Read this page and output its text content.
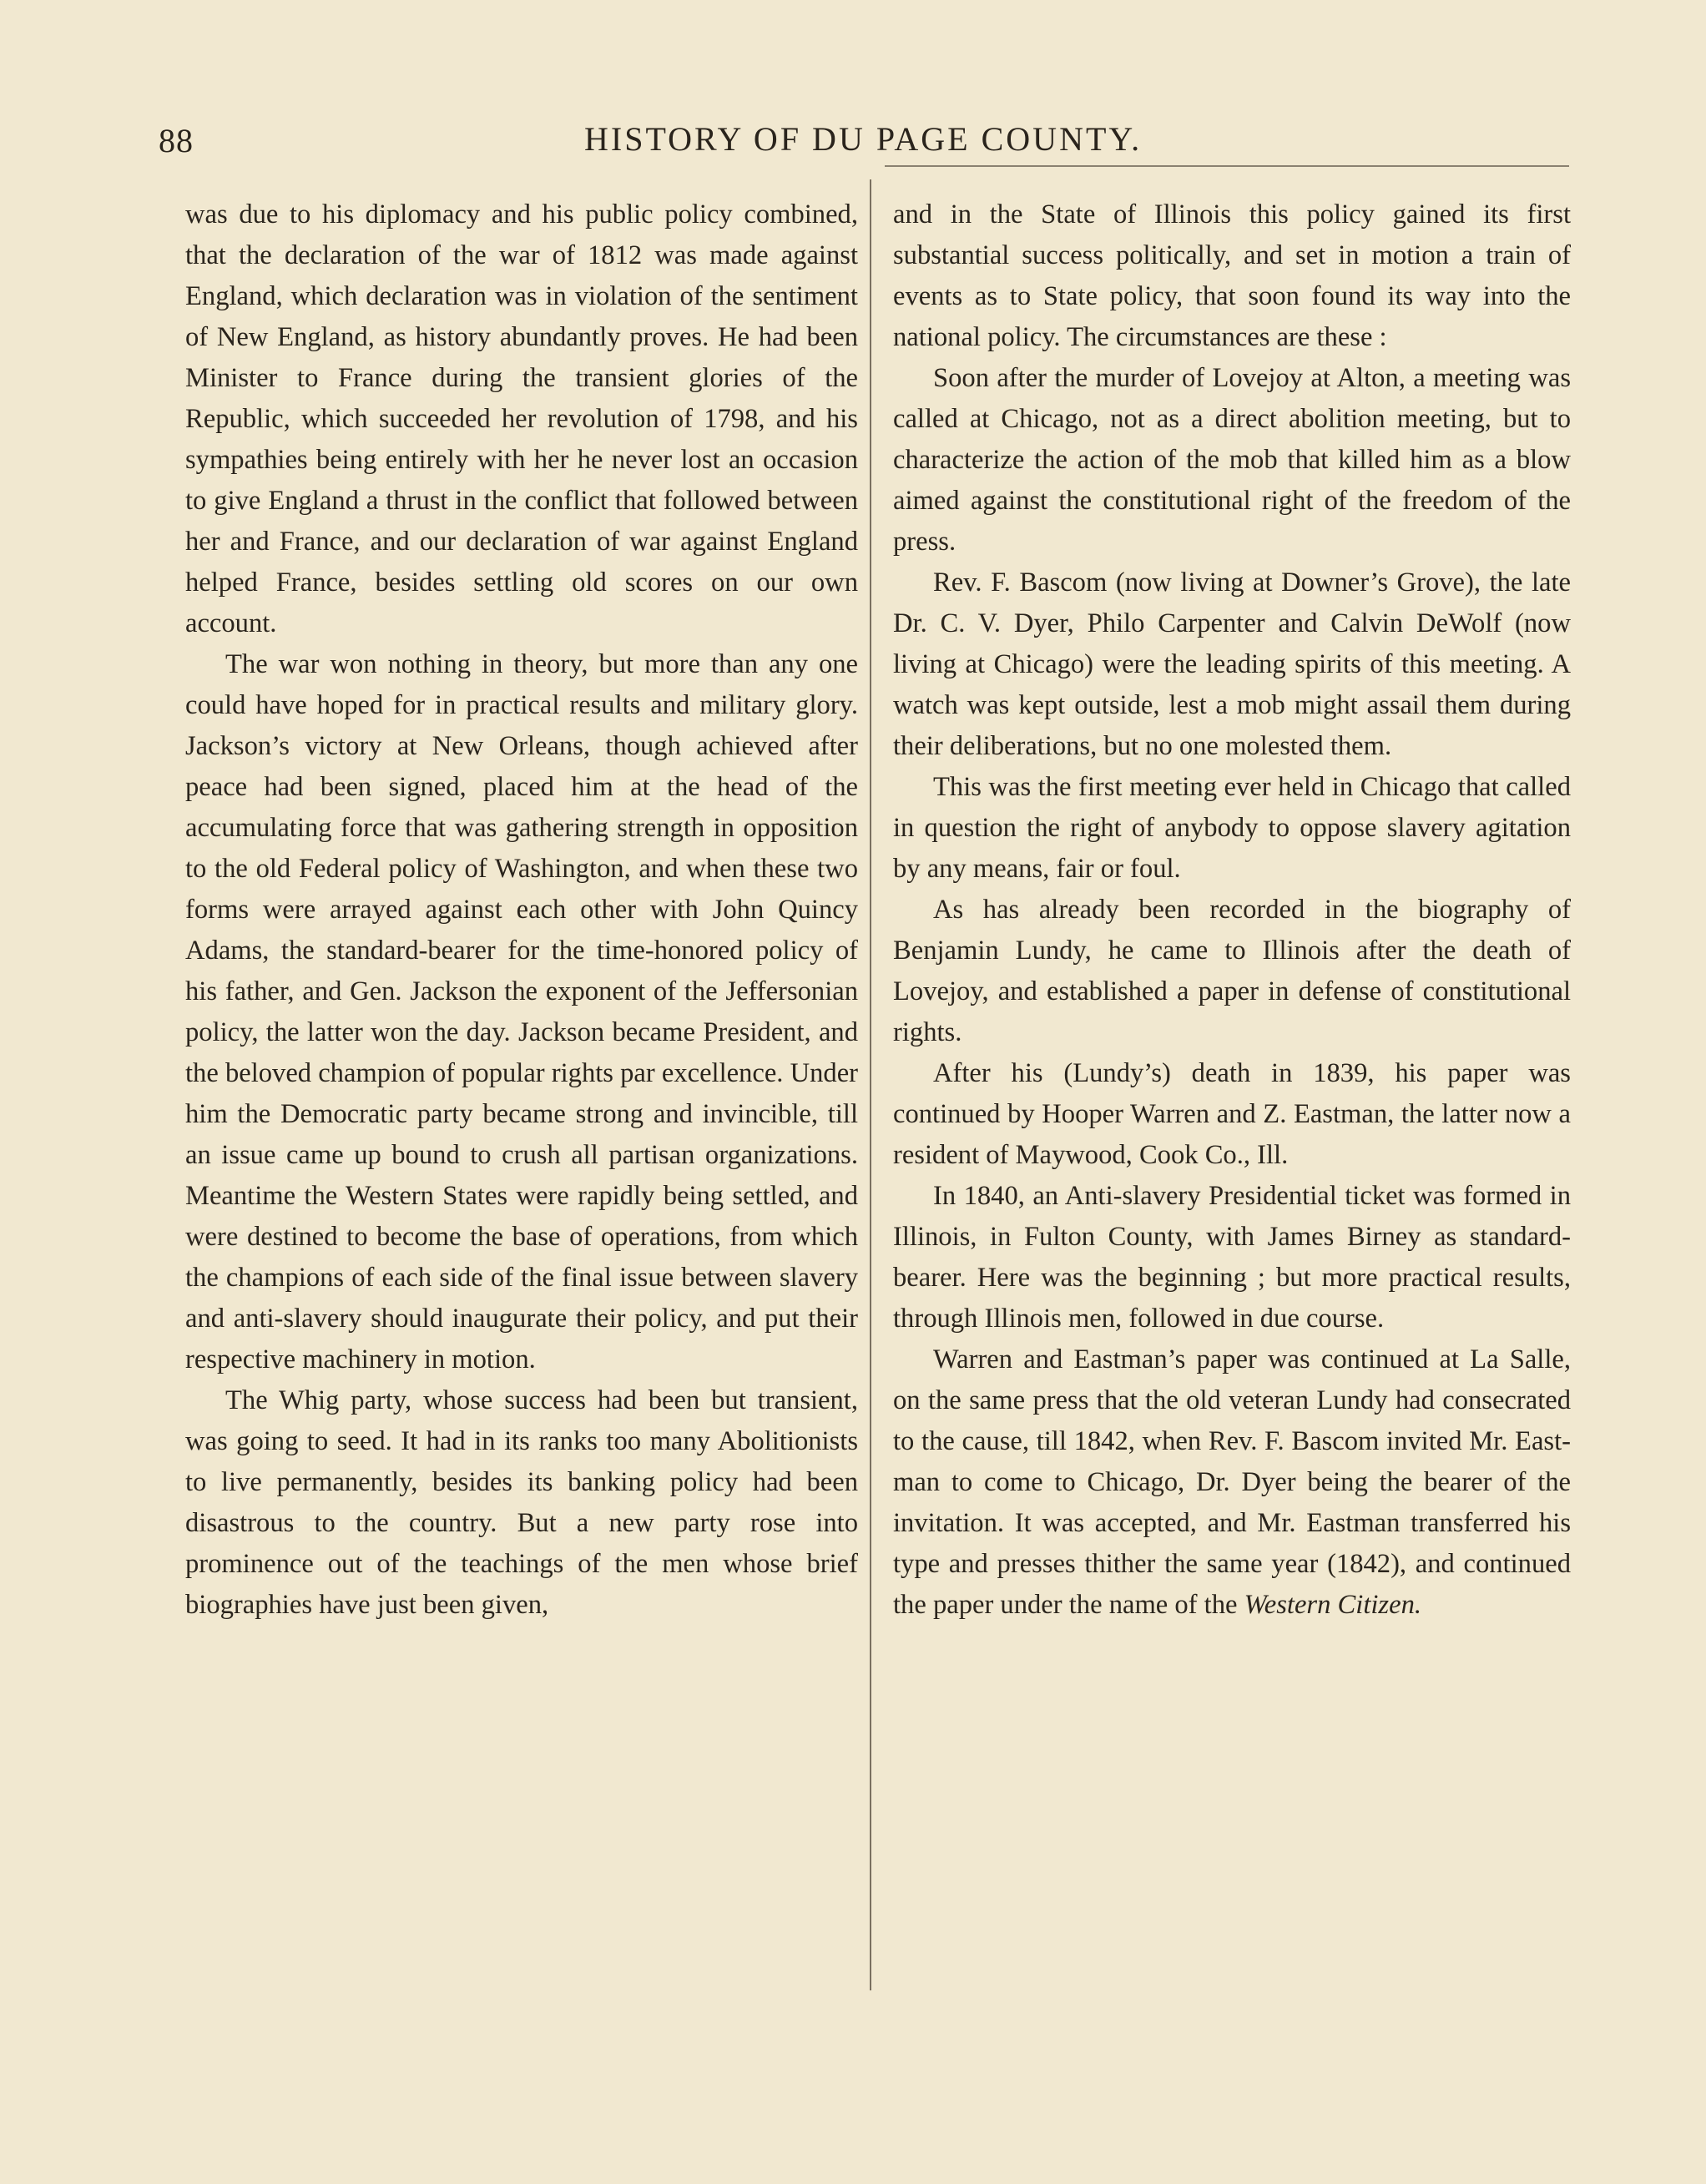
88	HISTORY OF DU PAGE COUNTY.

was due to his diplomacy and his public policy combined, that the declaration of the war of 1812 was made against England, which declaration was in violation of the sentiment of New England, as history abundantly proves. He had been Minister to France during the transient glories of the Republic, which succeeded her revolution of 1798, and his sympathies being entirely with her he never lost an occasion to give England a thrust in the conflict that followed between her and France, and our declaration of war against England helped France, besides settling old scores on our own account.

The war won nothing in theory, but more than any one could have hoped for in practical results and military glory. Jackson’s victory at New Orleans, though achieved after peace had been signed, placed him at the head of the accumulating force that was gathering strength in opposition to the old Federal policy of Washington, and when these two forms were arrayed against each other with John Quincy Adams, the standard-bearer for the time-honored policy of his father, and Gen. Jackson the exponent of the Jeffersonian policy, the latter won the day. Jackson became President, and the beloved champion of popular rights par excellence. Under him the Democratic party became strong and invincible, till an issue came up bound to crush all partisan organizations. Meantime the Western States were rapidly being settled, and were destined to become the base of operations, from which the champions of each side of the final issue between slavery and anti-slavery should inaugurate their policy, and put their respective machinery in motion.

The Whig party, whose success had been but transient, was going to seed. It had in its ranks too many Abolitionists to live permanently, besides its banking policy had been disastrous to the country. But a new party rose into prominence out of the teachings of the men whose brief biographies have just been given,

and in the State of Illinois this policy gained its first substantial success politically, and set in motion a train of events as to State policy, that soon found its way into the national policy. The circumstances are these :

Soon after the murder of Lovejoy at Alton, a meeting was called at Chicago, not as a direct abolition meeting, but to characterize the action of the mob that killed him as a blow aimed against the constitutional right of the freedom of the press.

Rev. F. Bascom (now living at Downer’s Grove), the late Dr. C. V. Dyer, Philo Carpenter and Calvin DeWolf (now living at Chicago) were the leading spirits of this meeting. A watch was kept outside, lest a mob might assail them during their deliberations, but no one molested them.

This was the first meeting ever held in Chicago that called in question the right of anybody to oppose slavery agitation by any means, fair or foul.

As has already been recorded in the biography of Benjamin Lundy, he came to Illinois after the death of Lovejoy, and established a paper in defense of constitutional rights.

After his (Lundy’s) death in 1839, his paper was continued by Hooper Warren and Z. Eastman, the latter now a resident of Maywood, Cook Co., Ill.

In 1840, an Anti-slavery Presidential ticket was formed in Illinois, in Fulton County, with James Birney as standard-bearer. Here was the beginning ; but more practical results, through Illinois men, followed in due course.

Warren and Eastman’s paper was continued at La Salle, on the same press that the old veteran Lundy had consecrated to the cause, till 1842, when Rev. F. Bascom invited Mr. Eastman to come to Chicago, Dr. Dyer being the bearer of the invitation. It was accepted, and Mr. Eastman transferred his type and presses thither the same year (1842), and continued the paper under the name of the Western Citizen.
